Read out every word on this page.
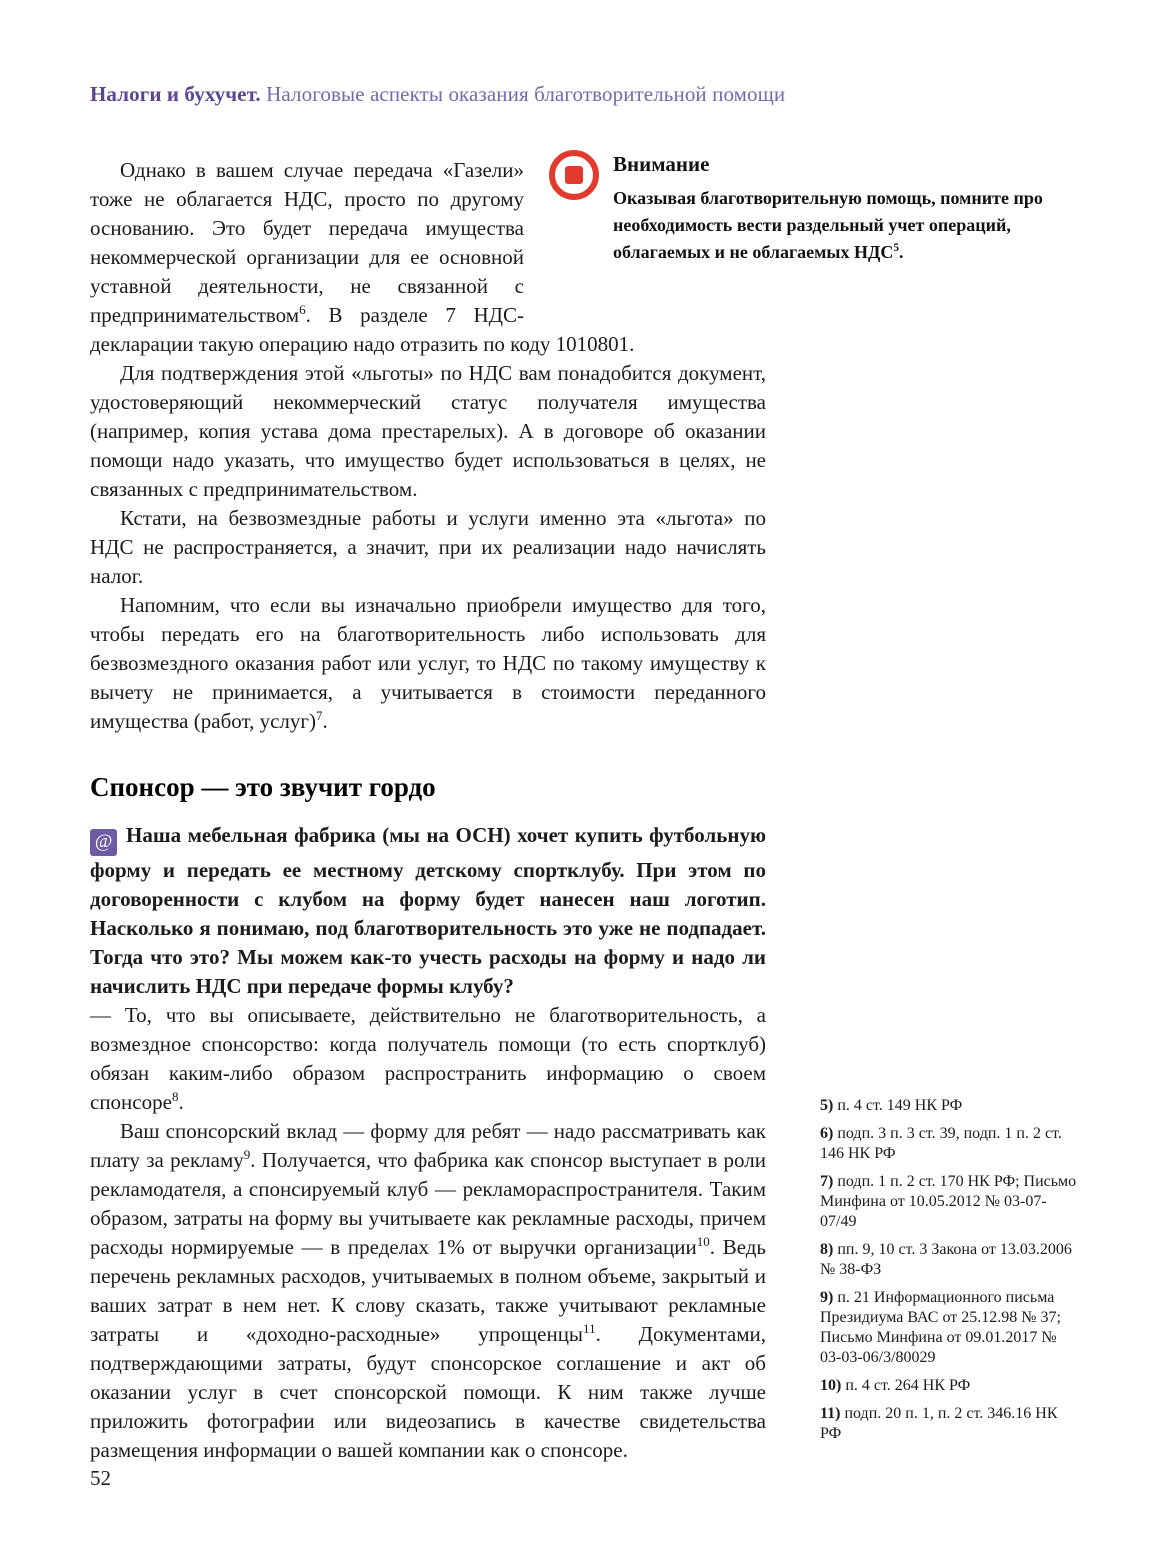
Налоги и бухучет. Налоговые аспекты оказания благотворительной помощи
Внимание
Оказывая благотворительную помощь, помните про необходимость вести раздельный учет операций, облагаемых и не облагаемых НДС$^5$.

Однако в вашем случае передача «Газели» тоже не облагается НДС, просто по другому основанию. Это будет передача имущества некоммерческой организации для ее основной уставной деятельности, не связанной с предпринимательством$^6$. В разделе 7 НДС-декларации такую операцию надо отразить по коду 1010801.

Для подтверждения этой «льготы» по НДС вам понадобится документ, удостоверяющий некоммерческий статус получателя имущества (например, копия устава дома престарелых). А в договоре об оказании помощи надо указать, что имущество будет использоваться в целях, не связанных с предпринимательством.

Кстати, на безвозмездные работы и услуги именно эта «льгота» по НДС не распространяется, а значит, при их реализации надо начислять налог.

Напомним, что если вы изначально приобрели имущество для того, чтобы передать его на благотворительность либо использовать для безвозмездного оказания работ или услуг, то НДС по такому имуществу к вычету не принимается, а учитывается в стоимости переданного имущества (работ, услуг)$^7$.

Спонсор — это звучит гордо

@ Наша мебельная фабрика (мы на ОСН) хочет купить футбольную форму и передать ее местному детскому спортклубу. При этом по договоренности с клубом на форму будет нанесен наш логотип. Насколько я понимаю, под благотворительность это уже не подпадает. Тогда что это? Мы можем как-то учесть расходы на форму и надо ли начислить НДС при передаче формы клубу?

— То, что вы описываете, действительно не благотворительность, а возмездное спонсорство: когда получатель помощи (то есть спортклуб) обязан каким-либо образом распространить информацию о своем спонсоре$^8$.

Ваш спонсорский вклад — форму для ребят — надо рассматривать как плату за рекламу$^9$. Получается, что фабрика как спонсор выступает в роли рекламодателя, а спонсируемый клуб — рекламораспространителя. Таким образом, затраты на форму вы учитываете как рекламные расходы, причем расходы нормируемые — в пределах 1% от выручки организации$^{10}$. Ведь перечень рекламных расходов, учитываемых в полном объеме, закрытый и ваших затрат в нем нет. К слову сказать, также учитывают рекламные затраты и «доходно-расходные» упрощенцы$^{11}$. Документами, подтверждающими затраты, будут спонсорское соглашение и акт об оказании услуг в счет спонсорской помощи. К ним также лучше приложить фотографии или видеозапись в качестве свидетельства размещения информации о вашей компании как о спонсоре.

5) п. 4 ст. 149 НК РФ
6) подп. 3 п. 3 ст. 39, подп. 1 п. 2 ст. 146 НК РФ
7) подп. 1 п. 2 ст. 170 НК РФ; Письмо Минфина от 10.05.2012 № 03-07-07/49
8) пп. 9, 10 ст. 3 Закона от 13.03.2006 № 38-ФЗ
9) п. 21 Информационного письма Президиума ВАС от 25.12.98 № 37; Письмо Минфина от 09.01.2017 № 03-03-06/3/80029
10) п. 4 ст. 264 НК РФ
11) подп. 20 п. 1, п. 2 ст. 346.16 НК РФ
52
